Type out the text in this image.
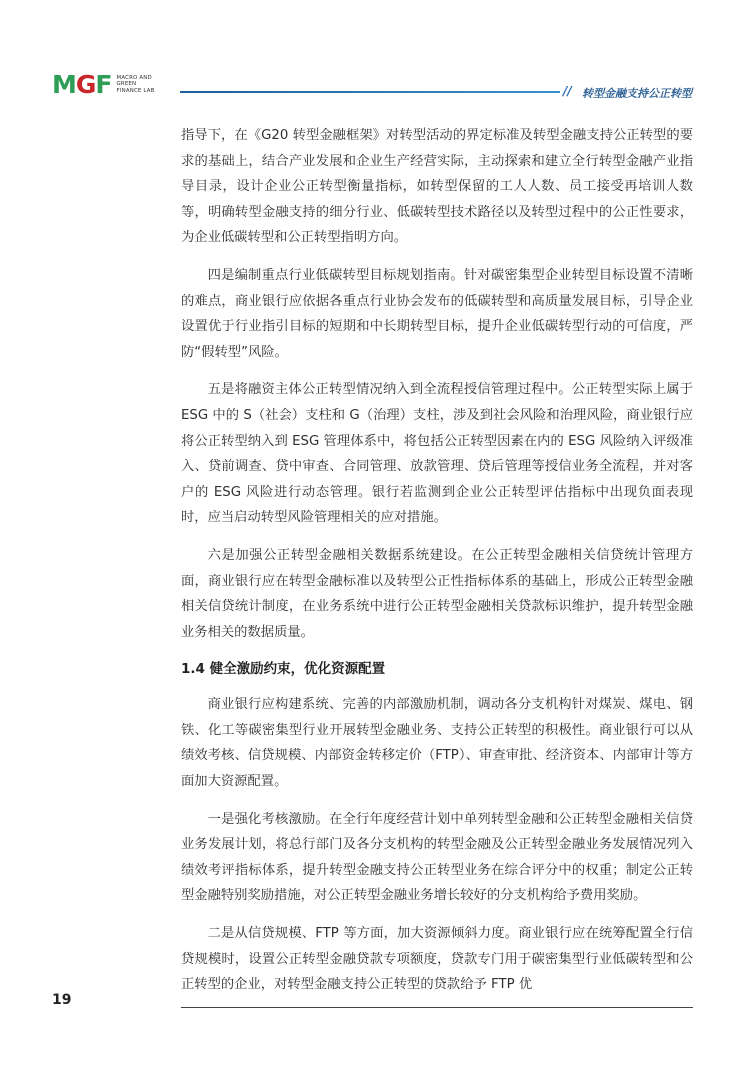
MGF MACRO AND
GREEN
FINANCE LAB	// 转型金融支持公正转型

指导下，在《G20 转型金融框架》对转型活动的界定标准及转型金融支持公正转型的要求的基础上，结合产业发展和企业生产经营实际，主动探索和建立全行转型金融产业指导目录，设计企业公正转型衡量指标，如转型保留的工人人数、员工接受再培训人数等，明确转型金融支持的细分行业、低碳转型技术路径以及转型过程中的公正性要求，为企业低碳转型和公正转型指明方向。

四是编制重点行业低碳转型目标规划指南。针对碳密集型企业转型目标设置不清晰的难点，商业银行应依据各重点行业协会发布的低碳转型和高质量发展目标，引导企业设置优于行业指引目标的短期和中长期转型目标，提升企业低碳转型行动的可信度，严防“假转型”风险。

五是将融资主体公正转型情况纳入到全流程授信管理过程中。公正转型实际上属于 ESG 中的 S（社会）支柱和 G（治理）支柱，涉及到社会风险和治理风险，商业银行应将公正转型纳入到 ESG 管理体系中，将包括公正转型因素在内的 ESG 风险纳入评级准入、贷前调查、贷中审查、合同管理、放款管理、贷后管理等授信业务全流程，并对客户的 ESG 风险进行动态管理。银行若监测到企业公正转型评估指标中出现负面表现时，应当启动转型风险管理相关的应对措施。

六是加强公正转型金融相关数据系统建设。在公正转型金融相关信贷统计管理方面，商业银行应在转型金融标准以及转型公正性指标体系的基础上，形成公正转型金融相关信贷统计制度，在业务系统中进行公正转型金融相关贷款标识维护，提升转型金融业务相关的数据质量。

1.4 健全激励约束，优化资源配置

商业银行应构建系统、完善的内部激励机制，调动各分支机构针对煤炭、煤电、钢铁、化工等碳密集型行业开展转型金融业务、支持公正转型的积极性。商业银行可以从绩效考核、信贷规模、内部资金转移定价（FTP）、审查审批、经济资本、内部审计等方面加大资源配置。

一是强化考核激励。在全行年度经营计划中单列转型金融和公正转型金融相关信贷业务发展计划，将总行部门及各分支机构的转型金融及公正转型金融业务发展情况列入绩效考评指标体系，提升转型金融支持公正转型业务在综合评分中的权重；制定公正转型金融特别奖励措施，对公正转型金融业务增长较好的分支机构给予费用奖励。

二是从信贷规模、FTP 等方面，加大资源倾斜力度。商业银行应在统筹配置全行信贷规模时，设置公正转型金融贷款专项额度，贷款专门用于碳密集型行业低碳转型和公正转型的企业，对转型金融支持公正转型的贷款给予 FTP 优

19
